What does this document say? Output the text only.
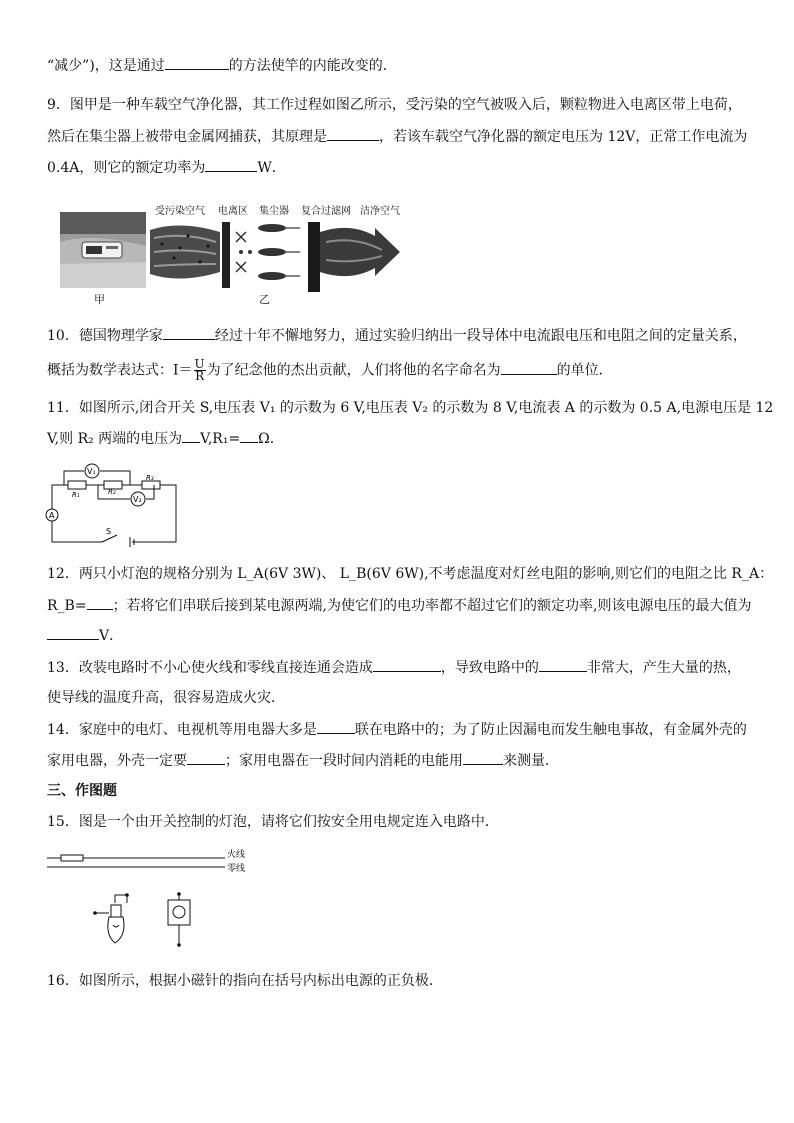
“减少”)，这是通过	的方法使竿的内能改变的．
9．图甲是一种车载空气净化器，其工作过程如图乙所示，受污染的空气被吸入后，颗粒物进入电离区带上电荷，
然后在集尘器上被带电金属网捕获，其原理是	，若该车载空气净化器的额定电压为 12V，正常工作电流为
0.4A，则它的额定功率为	W．
甲
受污染空气 电离区 集尘器 复合过滤网 洁净空气
乙
10．德国物理学家	经过十年不懈地努力，通过实验归纳出一段导体中电流跟电压和电阻之间的定量关系，
概括为数学表达式：$I= \frac{U}{R}$ 为了纪念他的杰出贡献，人们将他的名字命名为	的单位．
11．如图所示,闭合开关 S,电压表 V₁ 的示数为 6 V,电压表 V₂ 的示数为 8 V,电流表 A 的示数为 0.5 A,电源电压是 12
V,则 R₂ 两端的电压为 V,R₁= Ω.
V₁
V₂
A
R₁	R₂
R₃
S
12．两只小灯泡的规格分别为 L_A(6V 3W)、 L_B(6V 6W),不考虑温度对灯丝电阻的影响,则它们的电阻之比 R_A：
R_B= ；若将它们串联后接到某电源两端,为使它们的电功率都不超过它们的额定功率,则该电源电压的最大值为
V．
13．改装电路时不小心使火线和零线直接连通会造成	，导致电路中的	非常大，产生大量的热，
使导线的温度升高，很容易造成火灾．
14．家庭中的电灯、电视机等用电器大多是	联在电路中的；为了防止因漏电而发生触电事故，有金属外壳的
家用电器，外壳一定要	；家用电器在一段时间内消耗的电能用	来测量．
三、作图题
15．图是一个由开关控制的灯泡，请将它们按安全用电规定连入电路中．
火线
零线
16．如图所示，根据小磁针的指向在括号内标出电源的正负极．
